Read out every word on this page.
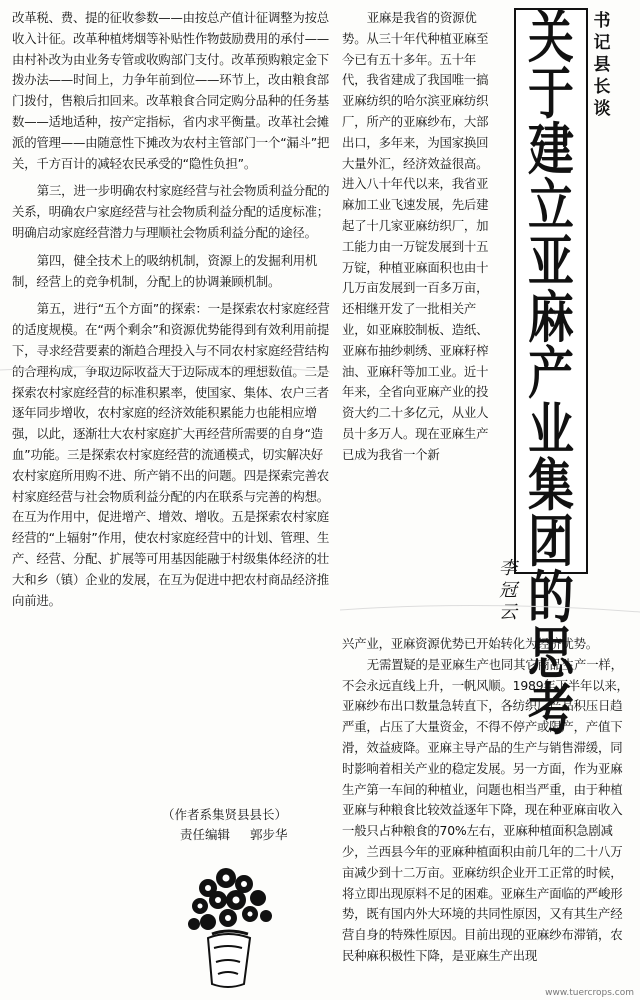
改革税、费、提的征收参数——由按总产值计征调整为按总收入计征。改革种植烤烟等补贴性作物鼓励费用的承付——由村补改为由业务专管或收购部门支付。改革预购粮定金下拨办法——时间上，力争年前到位——环节上，改由粮食部门拨付，售粮后扣回来。改革粮食合同定购分品种的任务基数——适地适种，按产定指标，省内求平衡量。改革社会摊派的管理——由随意性下摊改为农村主管部门一个“漏斗”把关，千方百计的减轻农民承受的“隐性负担”。

第三，进一步明确农村家庭经营与社会物质利益分配的关系，明确农户家庭经营与社会物质利益分配的适度标准；明确启动家庭经营潜力与理顺社会物质利益分配的途径。

第四，健全技术上的吸纳机制，资源上的发掘利用机制，经营上的竞争机制，分配上的协调兼顾机制。

第五，进行“五个方面”的探索：一是探索农村家庭经营的适度规模。在“两个剩余”和资源优势能得到有效利用前提下，寻求经营要素的渐趋合理投入与不同农村家庭经营结构的合理构成，争取边际收益大于边际成本的理想数值。二是探索农村家庭经营的标准积累率，使国家、集体、农户三者逐年同步增收，农村家庭的经济效能积累能力也能相应增强，以此，逐渐壮大农村家庭扩大再经营所需要的自身“造血”功能。三是探索农村家庭经营的流通模式，切实解决好农村家庭所用购不进、所产销不出的问题。四是探索完善农村家庭经营与社会物质利益分配的内在联系与完善的构想。在互为作用中，促进增产、增效、增收。五是探索农村家庭经营的“上辐射”作用，使农村家庭经营中的计划、管理、生产、经营、分配、扩展等可用基因能融于村级集体经济的壮大和乡（镇）企业的发展，在互为促进中把农村商品经济推向前进。

（作者系集贤县县长）
责任编辑 郭步华

亚麻是我省的资源优势。从三十年代种植亚麻至今已有五十多年。五十年代，我省建成了我国唯一搞亚麻纺织的哈尔滨亚麻纺织厂，所产的亚麻纱布，大部出口，多年来，为国家换回大量外汇，经济效益很高。进入八十年代以来，我省亚麻加工业飞速发展，先后建起了十几家亚麻纺织厂，加工能力由一万锭发展到十五万锭，种植亚麻面积也由十几万亩发展到一百多万亩，还相继开发了一批相关产业，如亚麻胶制板、造纸、亚麻布抽纱刺绣、亚麻籽榨油、亚麻秆等加工业。近十年来，全省向亚麻产业的投资大约二十多亿元，从业人员十多万人。现在亚麻生产已成为我省一个新

关
于
建
立
亚
麻
产
业
集
团
的
思
考
书
记
县
长
谈
李
冠
云

兴产业，亚麻资源优势已开始转化为经济优势。

无需置疑的是亚麻生产也同其它商品生产一样，不会永远直线上升，一帆风顺。1989年下半年以来，亚麻纱布出口数量急转直下，各纺织厂产品积压日趋严重，占压了大量资金，不得不停产或限产，产值下滑，效益疲降。亚麻主导产品的生产与销售滞缓，同时影响着相关产业的稳定发展。另一方面，作为亚麻生产第一车间的种植业，问题也相当严重，由于种植亚麻与种粮食比较效益逐年下降，现在种亚麻亩收入一般只占种粮食的70%左右，亚麻种植面积急剧减少，兰西县今年的亚麻种植面积由前几年的二十八万亩减少到十二万亩。亚麻纺织企业开工正常的时候，将立即出现原料不足的困难。亚麻生产面临的严峻形势，既有国内外大环境的共同性原因，又有其生产经营自身的特殊性原因。目前出现的亚麻纱布滞销，农民种麻积极性下降，是亚麻生产出现

www.tuercrops.com
